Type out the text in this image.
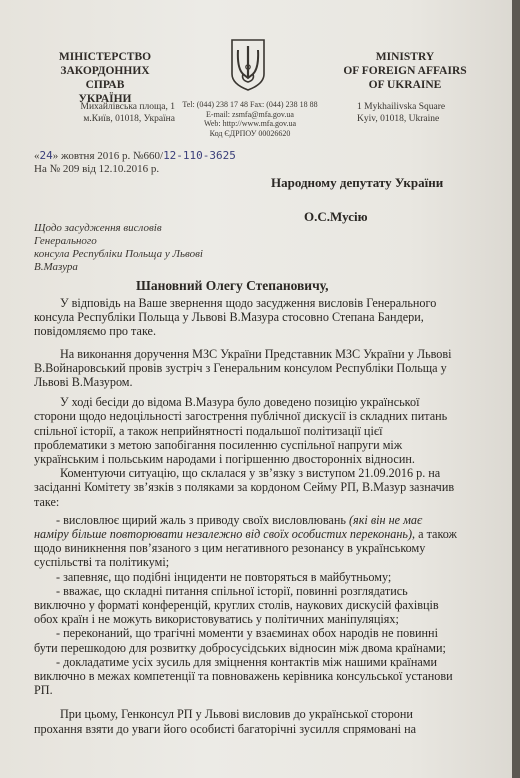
МІНІСТЕРСТВО
ЗАКОРДОННИХ СПРАВ
УКРАЇНИ
MINISTRY
OF FOREIGN AFFAIRS
OF UKRAINE
Михайлівська площа, 1
м.Київ, 01018, Україна
Tel: (044) 238 17 48 Fax: (044) 238 18 88
E-mail: zsmfa@mfa.gov.ua
Web: http://www.mfa.gov.ua
Код ЄДРПОУ 00026620
1 Mykhailivska Square
Kyiv, 01018, Ukraine
«24» жовтня 2016 р. №660/12-110-3625
На № 209 від 12.10.2016 р.
Народному депутату України
О.С.Мусію
Щодо засудження висловів Генерального
консула Республіки Польща у Львові
В.Мазура
Шановний Олегу Степановичу,
У відповідь на Ваше звернення щодо засудження висловів Генерального
консула Республіки Польща у Львові В.Мазура стосовно Степана Бандери,
повідомляємо про таке.
На виконання доручення МЗС України Представник МЗС України у Львові
В.Войнаровський провів зустріч з Генеральним консулом Республіки Польща у
Львові В.Мазуром.
У ході бесіди до відома В.Мазура було доведено позицію української
сторони щодо недоцільності загострення публічної дискусії із складних питань
спільної історії, а також неприйнятності подальшої політизації цієї
проблематики з метою запобігання посиленню суспільної напруги між
українським і польським народами і погіршенню двосторонніх відносин.
Коментуючи ситуацію, що склалася у зв’язку з виступом 21.09.2016 р. на
засіданні Комітету зв’язків з поляками за кордоном Сейму РП, В.Мазур зазначив
таке:
- висловлює щирий жаль з приводу своїх висловлювань (які він не має
наміру більше повторювати незалежно від своїх особистих переконань), а також
щодо виникнення пов’язаного з цим негативного резонансу в українському
суспільстві та політикумі;
- запевняє, що подібні інциденти не повторяться в майбутньому;
- вважає, що складні питання спільної історії, повинні розглядатись
виключно у форматі конференцій, круглих столів, наукових дискусій фахівців
обох країн і не можуть використовуватись у політичних маніпуляціях;
- переконаний, що трагічні моменти у взаєминах обох народів не повинні
бути перешкодою для розвитку добросусідських відносин між двома країнами;
- докладатиме усіх зусиль для зміцнення контактів між нашими країнами
виключно в межах компетенції та повноважень керівника консульської установи
РП.
При цьому, Генконсул РП у Львові висловив до української сторони
прохання взяти до уваги його особисті багаторічні зусилля спрямовані на
